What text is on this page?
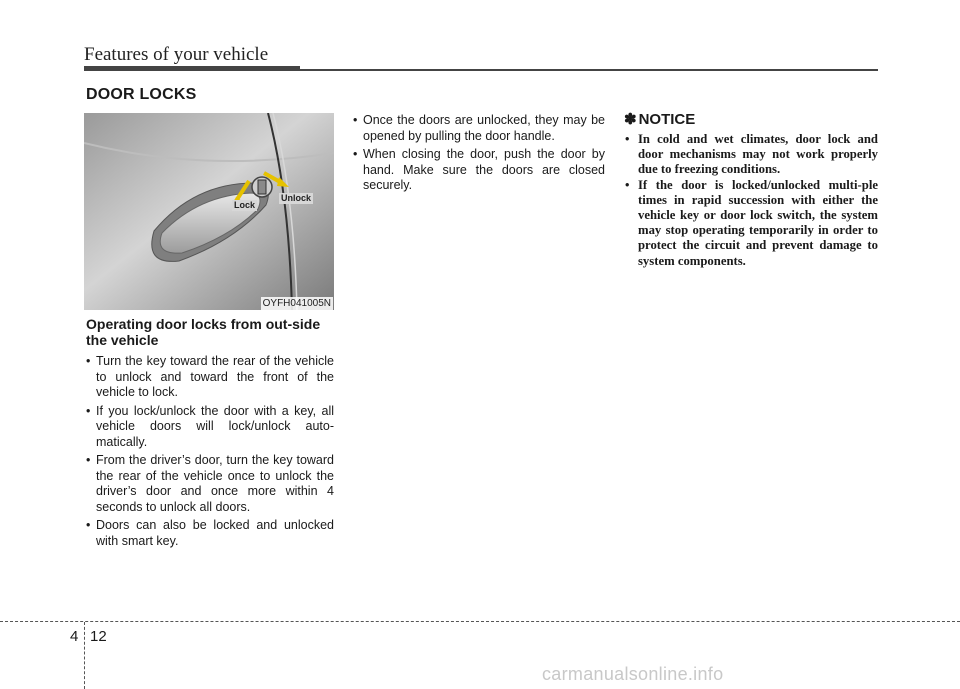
Features of your vehicle
DOOR LOCKS
Lock
Unlock
OYFH041005N
Operating door locks from out-side the vehicle
• Turn the key toward the rear of the vehicle to unlock and toward the front of the vehicle to lock.
• If you lock/unlock the door with a key, all vehicle doors will lock/unlock auto-matically.
• From the driver’s door, turn the key toward the rear of the vehicle once to unlock the driver’s door and once more within 4 seconds to unlock all doors.
• Doors can also be locked and unlocked with smart key.
• Once the doors are unlocked, they may be opened by pulling the door handle.
• When closing the door, push the door by hand. Make sure the doors are closed securely.
✽ NOTICE
• In cold and wet climates, door lock and door mechanisms may not work properly due to freezing conditions.
• If the door is locked/unlocked multi-ple times in rapid succession with either the vehicle key or door lock switch, the system may stop operating temporarily in order to protect the circuit and prevent damage to system components.
4 12
carmanualsonline.info
